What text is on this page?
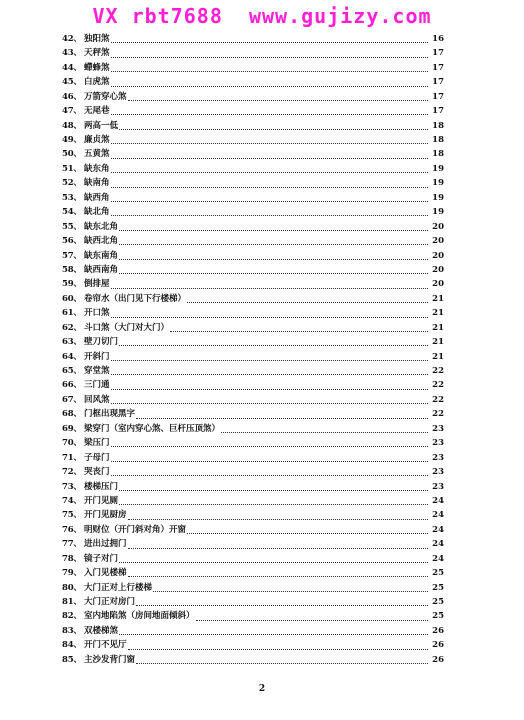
VX rbt7688  www.gujizy.com
42、 独阳煞	16
43、 天秤煞	17
44、 螮蜂煞	17
45、 白虎煞	17
46、 万箭穿心煞	17
47、 无尾巷	17
48、 两高一低	18
49、 廉贞煞	18
50、 五黄煞	18
51、 缺东角	19
52、 缺南角	19
53、 缺西角	19
54、 缺北角	19
55、 缺东北角	20
56、 缺西北角	20
57、 缺东南角	20
58、 缺西南角	20
59、 倒排屋	20
60、 卷帘水（出门见下行楼梯）	21
61、 开口煞	21
62、 斗口煞（大门对大门）	21
63、 壁刀切门	21
64、 开斜门	21
65、 穿堂煞	22
66、 三门通	22
67、 回风煞	22
68、 门框出现黑字	22
69、 梁穿门（室内穿心煞、巨杆压顶煞）	23
70、 梁压门	23
71、 子母门	23
72、 哭丧门	23
73、 楼梯压门	23
74、 开门见厕	24
75、 开门见厨房	24
76、 明财位（开门斜对角）开窗	24
77、 进出过拥门	24
78、 镜子对门	24
79、 入门见楼梯	25
80、 大门正对上行楼梯	25
81、 大门正对房门	25
82、 室内地陷煞（房间地面倾斜）	25
83、 双楼梯煞	26
84、 开门不见厅	26
85、 主沙发背门窗	26
2
